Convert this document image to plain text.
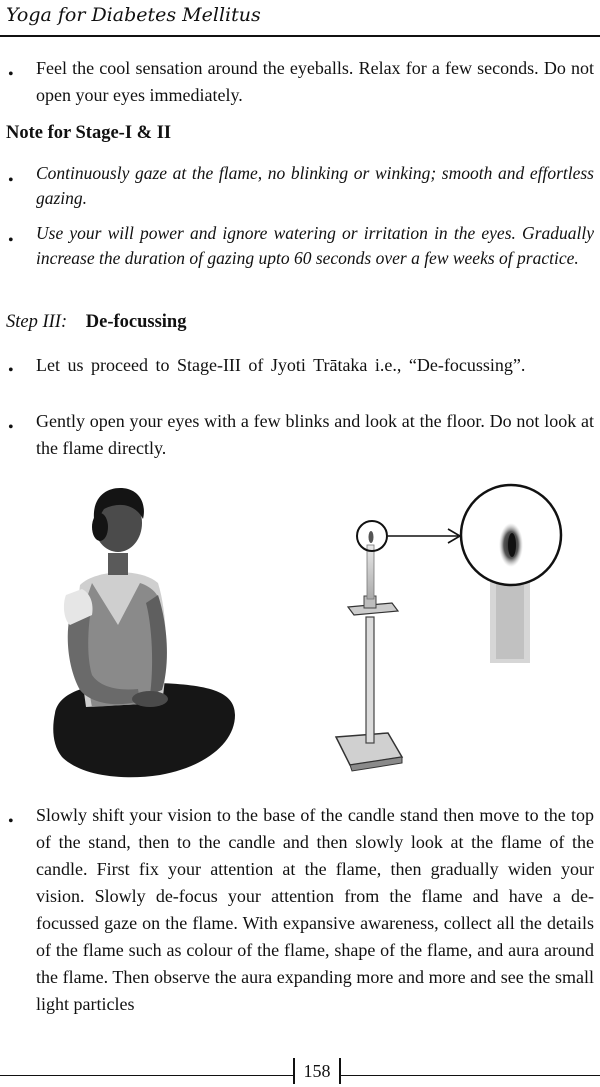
Yoga for Diabetes Mellitus
• Feel the cool sensation around the eyeballs. Relax for a few seconds. Do not open your eyes immediately.
Note for Stage-I & II
• Continuously gaze at the flame, no blinking or winking; smooth and effortless gazing.
• Use your will power and ignore watering or irritation in the eyes. Gradually increase the duration of gazing upto 60 seconds over a few weeks of practice.
Step III: De-focussing
• Let us proceed to Stage-III of Jyoti Trātaka i.e., “De-focussing”.
• Gently open your eyes with a few blinks and look at the floor. Do not look at the flame directly.
• Slowly shift your vision to the base of the candle stand then move to the top of the stand, then to the candle and then slowly look at the flame of the candle. First fix your attention at the flame, then gradually widen your vision. Slowly de-focus your attention from the flame and have a de-focussed gaze on the flame. With expansive awareness, collect all the details of the flame such as colour of the flame, shape of the flame, and aura around the flame. Then observe the aura expanding more and more and see the small light particles
158
